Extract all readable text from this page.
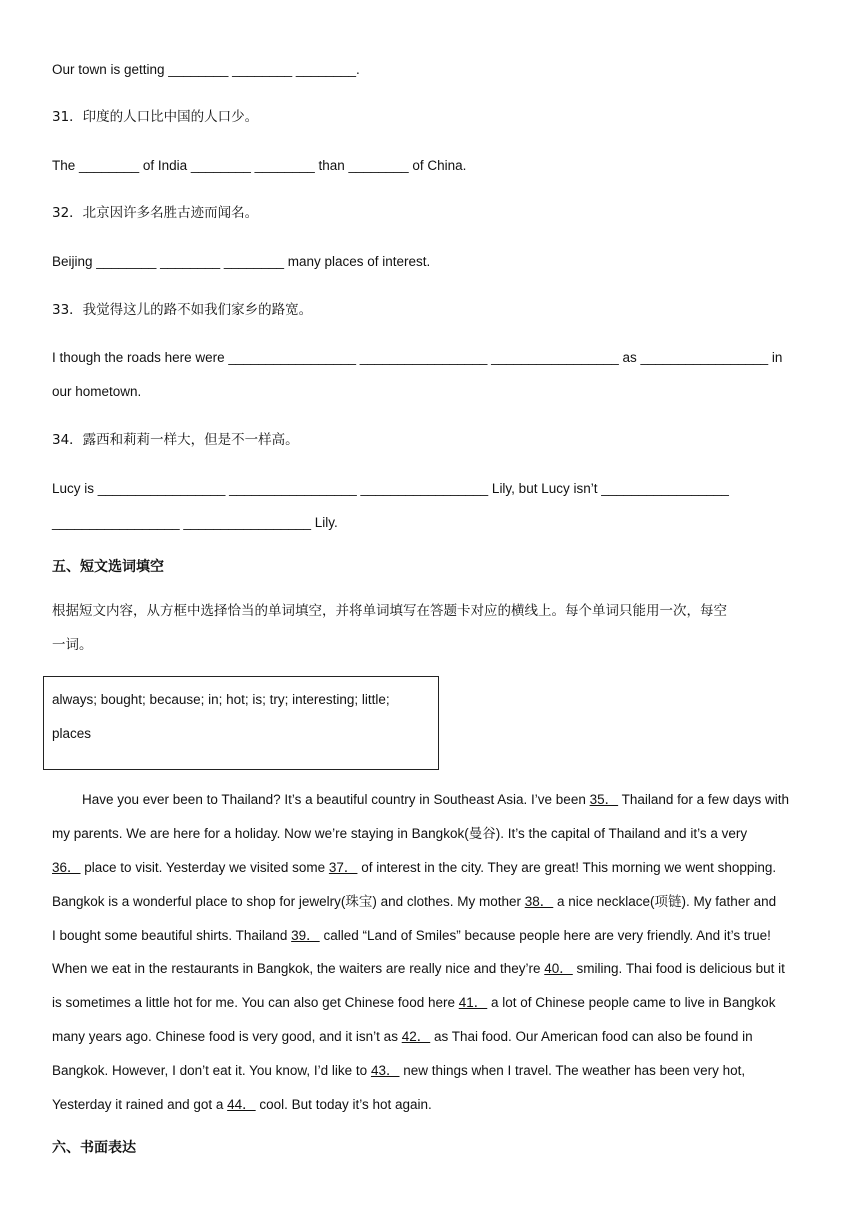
Our town is getting ________ ________ ________.
31．印度的人口比中国的人口少。
The ________ of India ________ ________ than ________ of China.
32．北京因许多名胜古迹而闻名。
Beijing ________ ________ ________ many places of interest.
33．我觉得这儿的路不如我们家乡的路宽。
I though the roads here were _________________ _________________ _________________ as _________________ in
our hometown.
34．露西和莉莉一样大，但是不一样高。
Lucy is _________________ _________________ _________________ Lily, but Lucy isn’t _________________
_________________ _________________ Lily.
五、短文选词填空
根据短文内容，从方框中选择恰当的单词填空，并将单词填写在答题卡对应的横线上。每个单词只能用一次，每空
一词。
always; bought; because; in; hot; is; try; interesting; little;
places
Have you ever been to Thailand? It’s a beautiful country in Southeast Asia. I’ve been 35． Thailand for a few days with
my parents. We are here for a holiday. Now we’re staying in Bangkok(曼谷). It’s the capital of Thailand and it’s a very
36． place to visit. Yesterday we visited some 37． of interest in the city. They are great! This morning we went shopping.
Bangkok is a wonderful place to shop for jewelry(珠宝) and clothes. My mother 38． a nice necklace(项链). My father and
I bought some beautiful shirts. Thailand 39． called “Land of Smiles” because people here are very friendly. And it’s true!
When we eat in the restaurants in Bangkok, the waiters are really nice and they’re 40． smiling. Thai food is delicious but it
is sometimes a little hot for me. You can also get Chinese food here 41． a lot of Chinese people came to live in Bangkok
many years ago. Chinese food is very good, and it isn’t as 42． as Thai food. Our American food can also be found in
Bangkok. However, I don’t eat it. You know, I’d like to 43． new things when I travel. The weather has been very hot,
Yesterday it rained and got a 44． cool. But today it’s hot again.
六、书面表达
